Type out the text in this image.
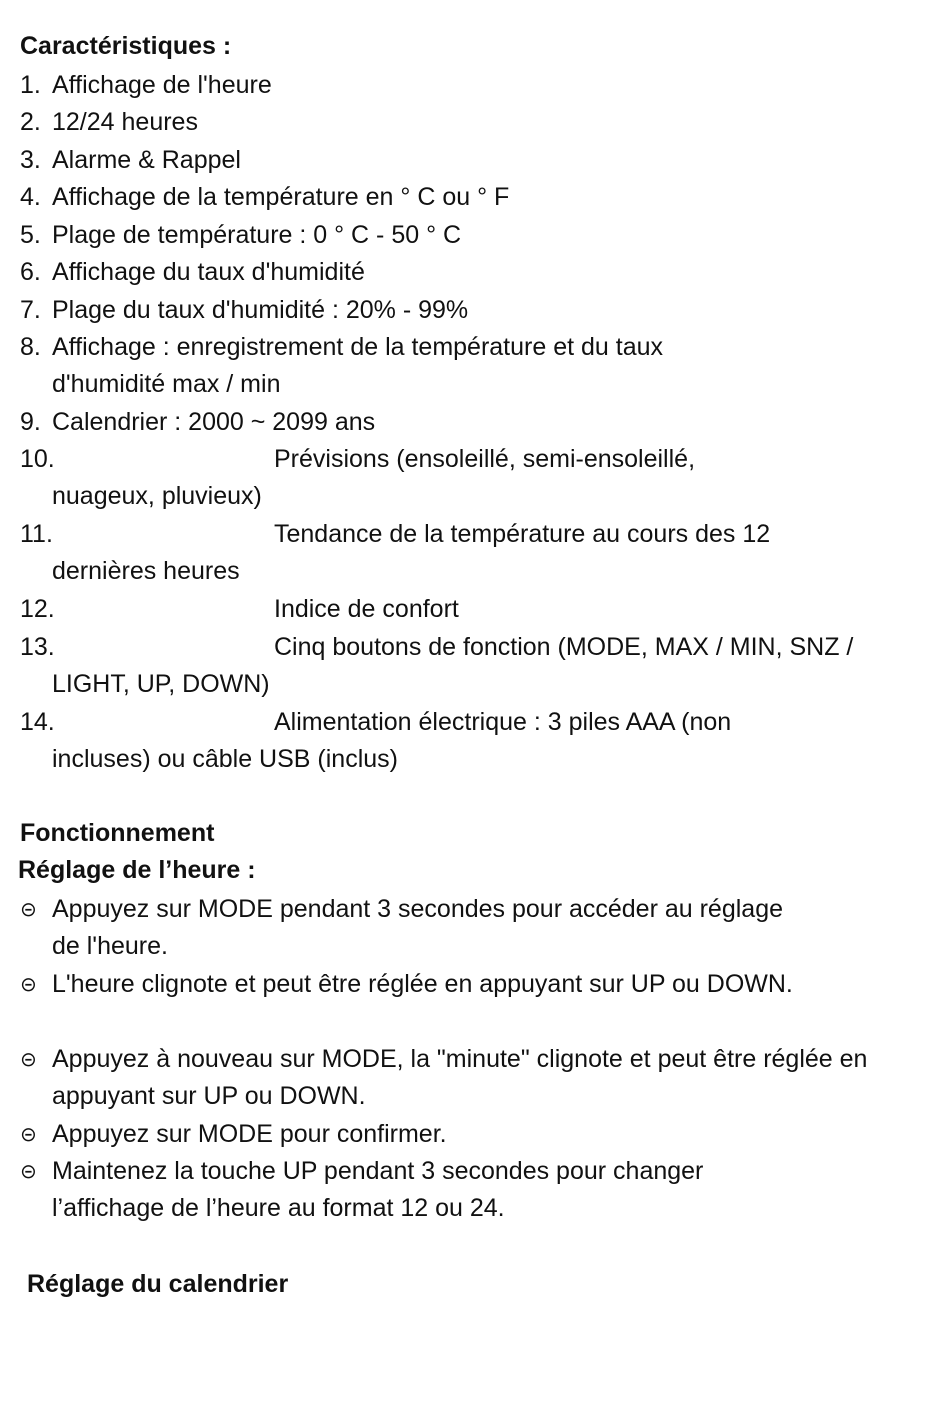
Caractéristiques :
1. Affichage de l'heure
2. 12/24 heures
3. Alarme & Rappel
4. Affichage de la température en ° C ou ° F
5. Plage de température : 0 ° C - 50 ° C
6. Affichage du taux d'humidité
7. Plage du taux d'humidité : 20% - 99%
8. Affichage : enregistrement de la température et du taux d'humidité max / min
9. Calendrier : 2000 ~ 2099 ans
10.	Prévisions (ensoleillé, semi-ensoleillé, nuageux, pluvieux)
11.	Tendance de la température au cours des 12 dernières heures
12.	Indice de confort
13.	Cinq boutons de fonction (MODE, MAX / MIN, SNZ / LIGHT, UP, DOWN)
14.	Alimentation électrique : 3 piles AAA (non incluses) ou câble USB (inclus)
Fonctionnement
Réglage de l’heure :
⊝ Appuyez sur MODE pendant 3 secondes pour accéder au réglage de l'heure.
⊝ L'heure clignote et peut être réglée en appuyant sur UP ou DOWN.
⊝ Appuyez à nouveau sur MODE, la "minute" clignote et peut être réglée en appuyant sur UP ou DOWN.
⊝ Appuyez sur MODE pour confirmer.
⊝ Maintenez la touche UP pendant 3 secondes pour changer l’affichage de l’heure au format 12 ou 24.
Réglage du calendrier
